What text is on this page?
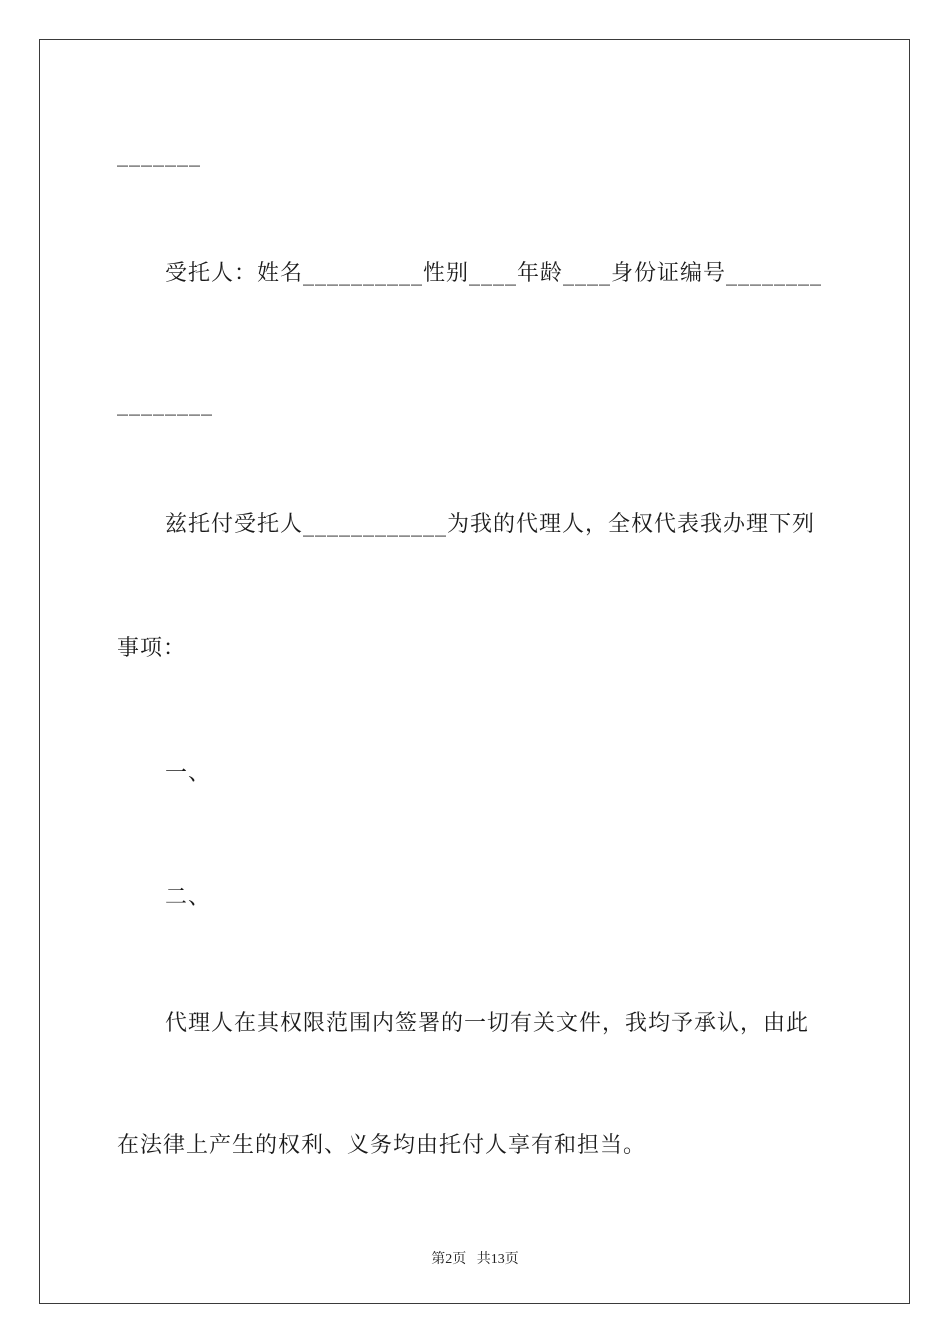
_______
受托人：姓名__________性别____年龄____身份证编号________
________
兹托付受托人____________为我的代理人，全权代表我办理下列
事项：
一、
二、
代理人在其权限范围内签署的一切有关文件，我均予承认，由此
在法律上产生的权利、义务均由托付人享有和担当。
第2页   共13页
